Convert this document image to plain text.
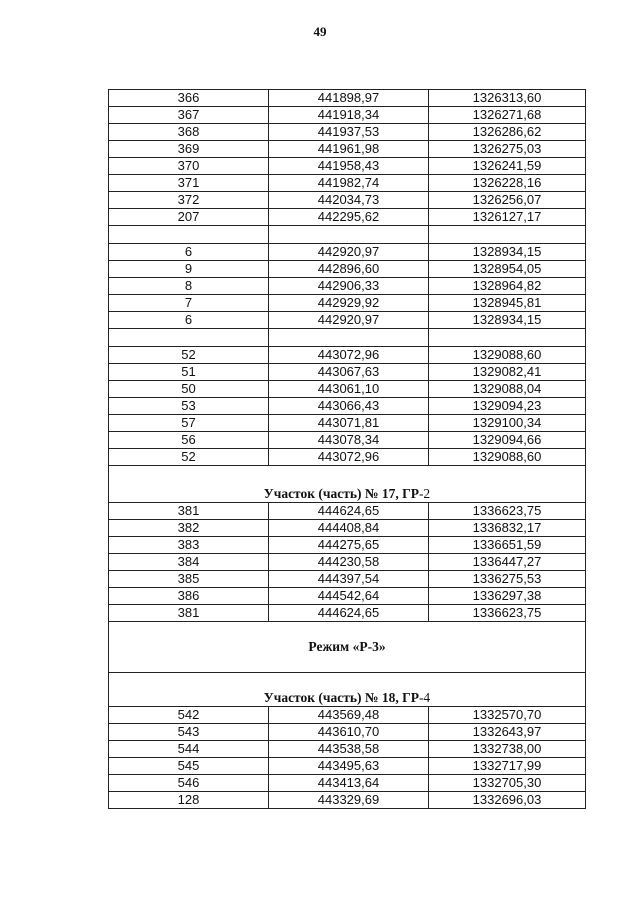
49
366	441898,97	1326313,60
367	441918,34	1326271,68
368	441937,53	1326286,62
369	441961,98	1326275,03
370	441958,43	1326241,59
371	441982,74	1326228,16
372	442034,73	1326256,07
207	442295,62	1326127,17

6	442920,97	1328934,15
9	442896,60	1328954,05
8	442906,33	1328964,82
7	442929,92	1328945,81
6	442920,97	1328934,15

52	443072,96	1329088,60
51	443067,63	1329082,41
50	443061,10	1329088,04
53	443066,43	1329094,23
57	443071,81	1329100,34
56	443078,34	1329094,66
52	443072,96	1329088,60
Участок (часть) № 17, ГР-2		
381	444624,65	1336623,75
382	444408,84	1336832,17
383	444275,65	1336651,59
384	444230,58	1336447,27
385	444397,54	1336275,53
386	444542,64	1336297,38
381	444624,65	1336623,75
Режим «Р-3»		
Участок (часть) № 18, ГР-4		
542	443569,48	1332570,70
543	443610,70	1332643,97
544	443538,58	1332738,00
545	443495,63	1332717,99
546	443413,64	1332705,30
128	443329,69	1332696,03
